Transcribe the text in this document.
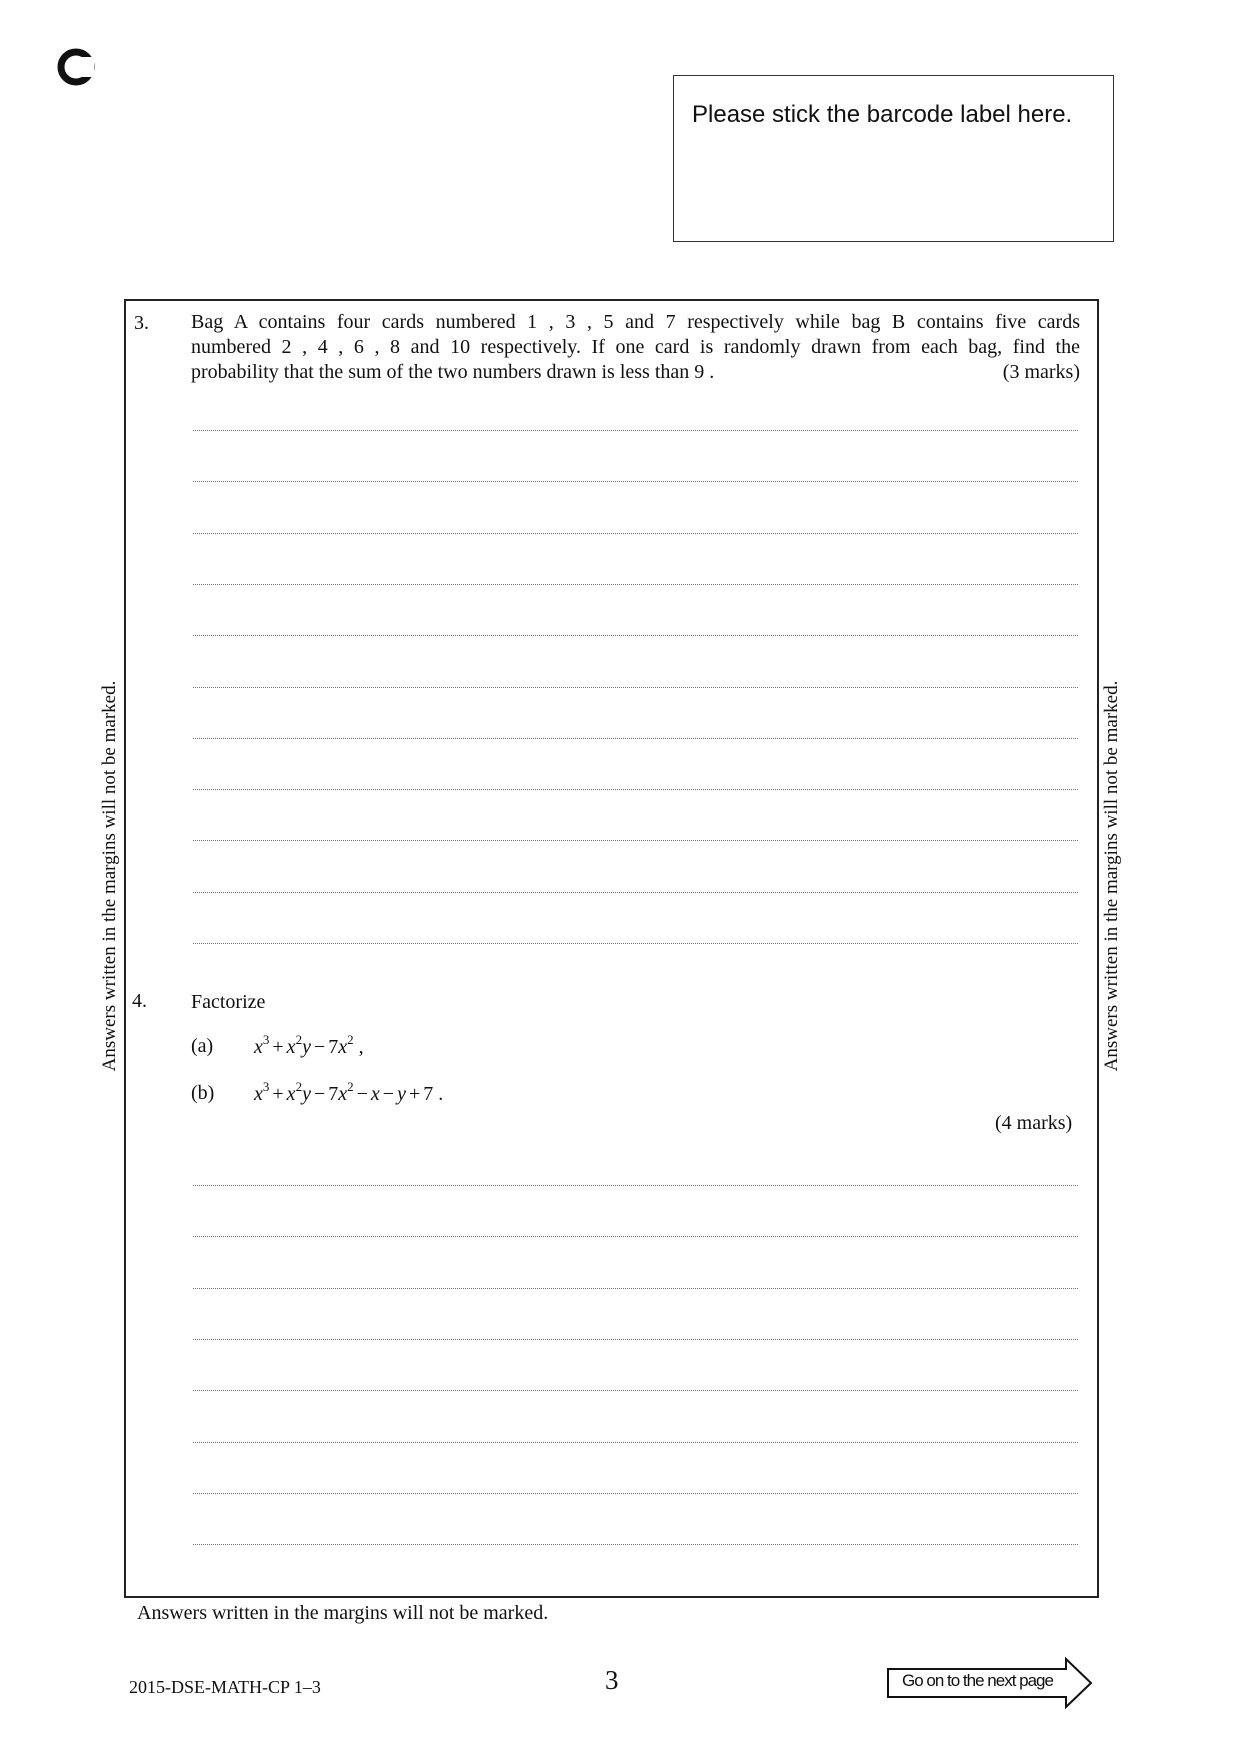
Please stick the barcode label here.
Answers written in the margins will not be marked.	Answers written in the margins will not be marked.
3. Bag A contains four cards numbered 1 , 3 , 5 and 7 respectively while bag B contains five cards
numbered 2 , 4 , 6 , 8 and 10 respectively. If one card is randomly drawn from each bag, find the
probability that the sum of the two numbers drawn is less than 9 .	(3 marks)
4. Factorize
(a)
(b)
$x^3 + x^2y - 7x^2$ ,
$x^3 + x^2y - 7x^2 - x - y + 7$ .
(4 marks)
Answers written in the margins will not be marked.
2015-DSE-MATH-CP 1–3	3	Go on to the next page
